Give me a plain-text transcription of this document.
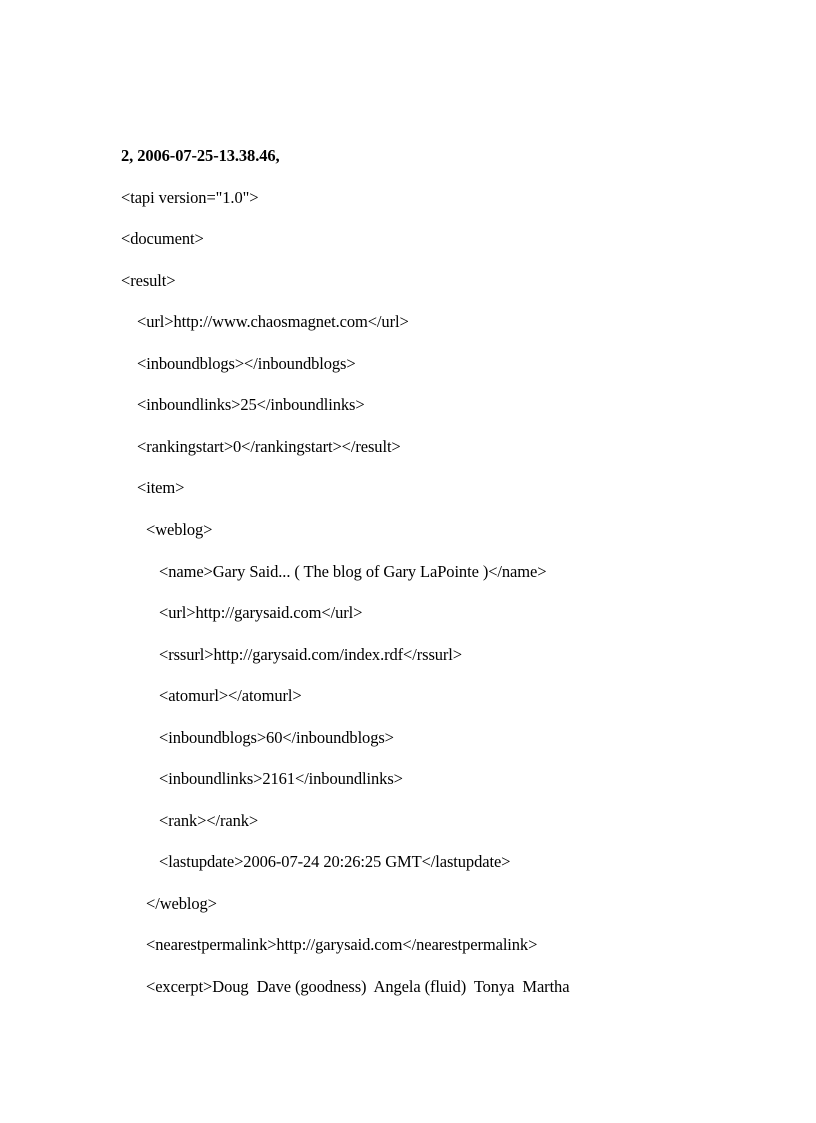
2, 2006-07-25-13.38.46,
<tapi version="1.0">
<document>
<result>
<url>http://www.chaosmagnet.com</url>
<inboundblogs></inboundblogs>
<inboundlinks>25</inboundlinks>
<rankingstart>0</rankingstart></result>
<item>
<weblog>
<name>Gary Said... ( The blog of Gary LaPointe )</name>
<url>http://garysaid.com</url>
<rssurl>http://garysaid.com/index.rdf</rssurl>
<atomurl></atomurl>
<inboundblogs>60</inboundblogs>
<inboundlinks>2161</inboundlinks>
<rank></rank>
<lastupdate>2006-07-24 20:26:25 GMT</lastupdate>
</weblog>
<nearestpermalink>http://garysaid.com</nearestpermalink>
<excerpt>Doug  Dave (goodness)  Angela (fluid)  Tonya  Martha
